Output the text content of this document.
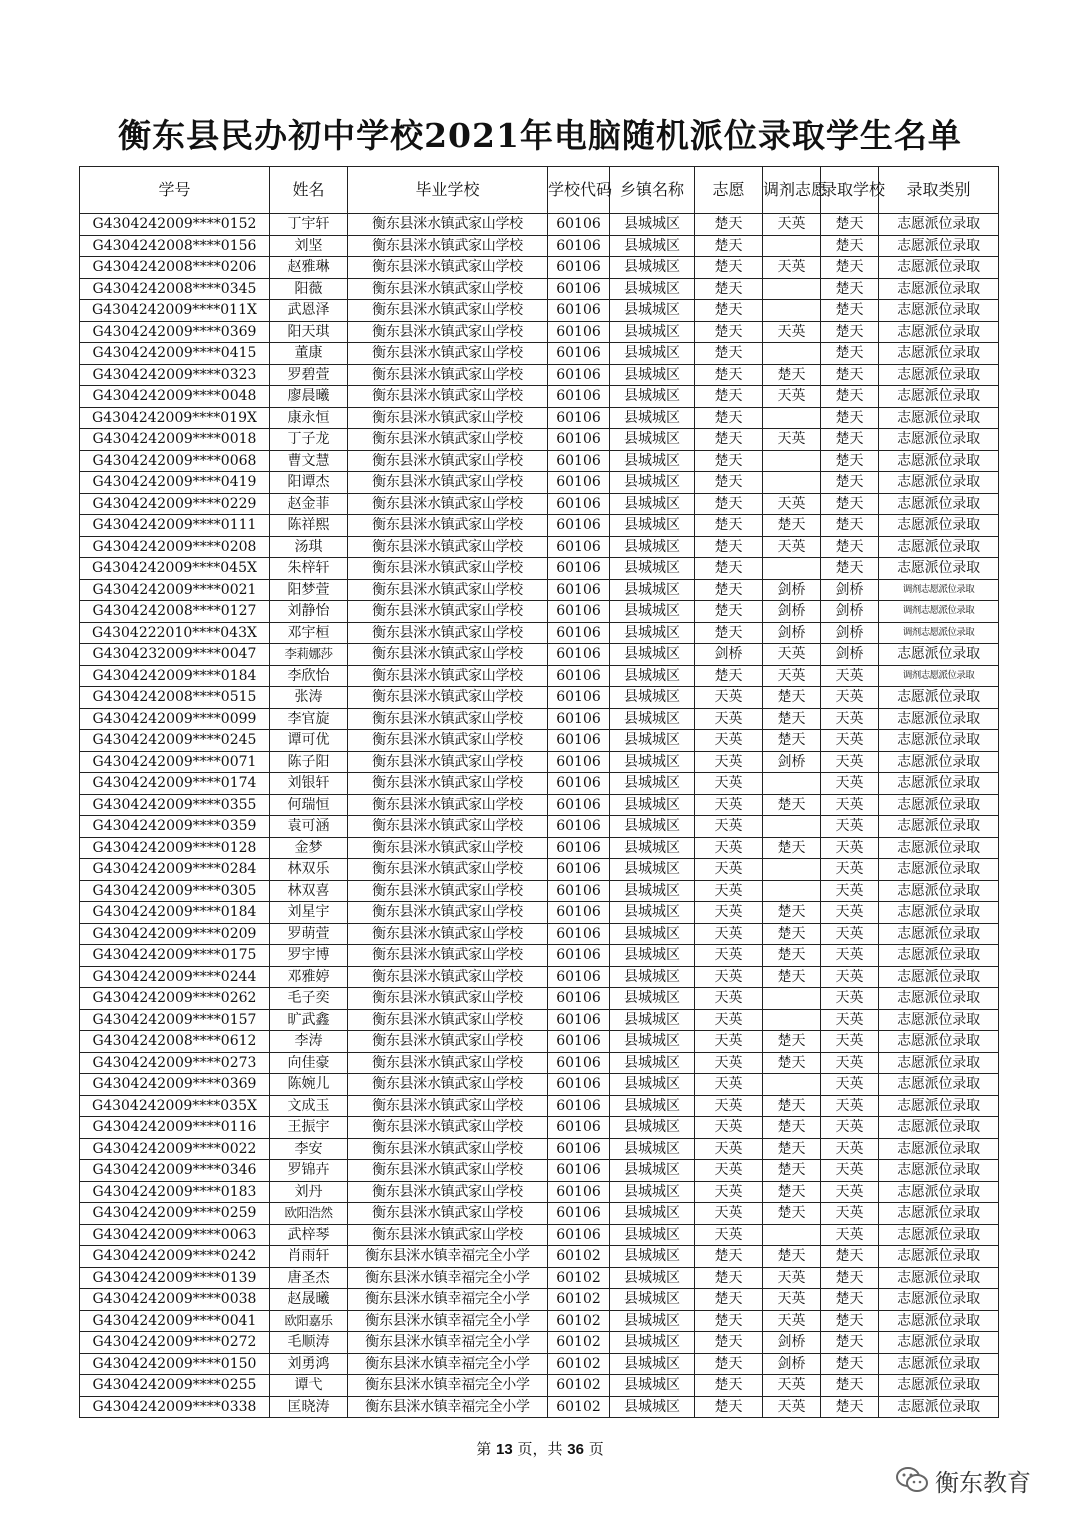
衡东县民办初中学校2021年电脑随机派位录取学生名单
学号	姓名	毕业学校	学校代码	乡镇名称	志愿	调剂志愿	录取学校	录取类别
G4304242009****0152	丁宇轩	衡东县洣水镇武家山学校	60106	县城城区	楚天	天英	楚天	志愿派位录取
G4304242008****0156	刘坚	衡东县洣水镇武家山学校	60106	县城城区	楚天		楚天	志愿派位录取
G4304242008****0206	赵雅琳	衡东县洣水镇武家山学校	60106	县城城区	楚天	天英	楚天	志愿派位录取
G4304242008****0345	阳薇	衡东县洣水镇武家山学校	60106	县城城区	楚天		楚天	志愿派位录取
G4304242009****011X	武恩泽	衡东县洣水镇武家山学校	60106	县城城区	楚天		楚天	志愿派位录取
G4304242009****0369	阳天琪	衡东县洣水镇武家山学校	60106	县城城区	楚天	天英	楚天	志愿派位录取
G4304242009****0415	董康	衡东县洣水镇武家山学校	60106	县城城区	楚天		楚天	志愿派位录取
G4304242009****0323	罗碧萱	衡东县洣水镇武家山学校	60106	县城城区	楚天	楚天	楚天	志愿派位录取
G4304242009****0048	廖晨曦	衡东县洣水镇武家山学校	60106	县城城区	楚天	天英	楚天	志愿派位录取
G4304242009****019X	康永恒	衡东县洣水镇武家山学校	60106	县城城区	楚天		楚天	志愿派位录取
G4304242009****0018	丁子龙	衡东县洣水镇武家山学校	60106	县城城区	楚天	天英	楚天	志愿派位录取
G4304242009****0068	曹文慧	衡东县洣水镇武家山学校	60106	县城城区	楚天		楚天	志愿派位录取
G4304242009****0419	阳谭杰	衡东县洣水镇武家山学校	60106	县城城区	楚天		楚天	志愿派位录取
G4304242009****0229	赵金菲	衡东县洣水镇武家山学校	60106	县城城区	楚天	天英	楚天	志愿派位录取
G4304242009****0111	陈祥熙	衡东县洣水镇武家山学校	60106	县城城区	楚天	楚天	楚天	志愿派位录取
G4304242009****0208	汤琪	衡东县洣水镇武家山学校	60106	县城城区	楚天	天英	楚天	志愿派位录取
G4304242009****045X	朱梓轩	衡东县洣水镇武家山学校	60106	县城城区	楚天		楚天	志愿派位录取
G4304242009****0021	阳梦萱	衡东县洣水镇武家山学校	60106	县城城区	楚天	剑桥	剑桥	调剂志愿派位录取
G4304242008****0127	刘静怡	衡东县洣水镇武家山学校	60106	县城城区	楚天	剑桥	剑桥	调剂志愿派位录取
G4304222010****043X	邓宇桓	衡东县洣水镇武家山学校	60106	县城城区	楚天	剑桥	剑桥	调剂志愿派位录取
G4304232009****0047	李莉娜莎	衡东县洣水镇武家山学校	60106	县城城区	剑桥	天英	剑桥	志愿派位录取
G4304242009****0184	李欣怡	衡东县洣水镇武家山学校	60106	县城城区	楚天	天英	天英	调剂志愿派位录取
G4304242008****0515	张涛	衡东县洣水镇武家山学校	60106	县城城区	天英	楚天	天英	志愿派位录取
G4304242009****0099	李官旋	衡东县洣水镇武家山学校	60106	县城城区	天英	楚天	天英	志愿派位录取
G4304242009****0245	谭可优	衡东县洣水镇武家山学校	60106	县城城区	天英	楚天	天英	志愿派位录取
G4304242009****0071	陈子阳	衡东县洣水镇武家山学校	60106	县城城区	天英	剑桥	天英	志愿派位录取
G4304242009****0174	刘银轩	衡东县洣水镇武家山学校	60106	县城城区	天英		天英	志愿派位录取
G4304242009****0355	何瑞恒	衡东县洣水镇武家山学校	60106	县城城区	天英	楚天	天英	志愿派位录取
G4304242009****0359	袁可涵	衡东县洣水镇武家山学校	60106	县城城区	天英		天英	志愿派位录取
G4304242009****0128	金梦	衡东县洣水镇武家山学校	60106	县城城区	天英	楚天	天英	志愿派位录取
G4304242009****0284	林双乐	衡东县洣水镇武家山学校	60106	县城城区	天英		天英	志愿派位录取
G4304242009****0305	林双喜	衡东县洣水镇武家山学校	60106	县城城区	天英		天英	志愿派位录取
G4304242009****0184	刘星宇	衡东县洣水镇武家山学校	60106	县城城区	天英	楚天	天英	志愿派位录取
G4304242009****0209	罗萌萱	衡东县洣水镇武家山学校	60106	县城城区	天英	楚天	天英	志愿派位录取
G4304242009****0175	罗宇博	衡东县洣水镇武家山学校	60106	县城城区	天英	楚天	天英	志愿派位录取
G4304242009****0244	邓雅婷	衡东县洣水镇武家山学校	60106	县城城区	天英	楚天	天英	志愿派位录取
G4304242009****0262	毛子奕	衡东县洣水镇武家山学校	60106	县城城区	天英		天英	志愿派位录取
G4304242009****0157	旷武鑫	衡东县洣水镇武家山学校	60106	县城城区	天英		天英	志愿派位录取
G4304242008****0612	李涛	衡东县洣水镇武家山学校	60106	县城城区	天英	楚天	天英	志愿派位录取
G4304242009****0273	向佳豪	衡东县洣水镇武家山学校	60106	县城城区	天英	楚天	天英	志愿派位录取
G4304242009****0369	陈婉儿	衡东县洣水镇武家山学校	60106	县城城区	天英		天英	志愿派位录取
G4304242009****035X	文成玉	衡东县洣水镇武家山学校	60106	县城城区	天英	楚天	天英	志愿派位录取
G4304242009****0116	王振宇	衡东县洣水镇武家山学校	60106	县城城区	天英	楚天	天英	志愿派位录取
G4304242009****0022	李安	衡东县洣水镇武家山学校	60106	县城城区	天英	楚天	天英	志愿派位录取
G4304242009****0346	罗锦卉	衡东县洣水镇武家山学校	60106	县城城区	天英	楚天	天英	志愿派位录取
G4304242009****0183	刘丹	衡东县洣水镇武家山学校	60106	县城城区	天英	楚天	天英	志愿派位录取
G4304242009****0259	欧阳浩然	衡东县洣水镇武家山学校	60106	县城城区	天英	楚天	天英	志愿派位录取
G4304242009****0063	武梓琴	衡东县洣水镇武家山学校	60106	县城城区	天英		天英	志愿派位录取
G4304242009****0242	肖雨轩	衡东县洣水镇幸福完全小学	60102	县城城区	楚天	楚天	楚天	志愿派位录取
G4304242009****0139	唐圣杰	衡东县洣水镇幸福完全小学	60102	县城城区	楚天	天英	楚天	志愿派位录取
G4304242009****0038	赵晟曦	衡东县洣水镇幸福完全小学	60102	县城城区	楚天	天英	楚天	志愿派位录取
G4304242009****0041	欧阳嘉乐	衡东县洣水镇幸福完全小学	60102	县城城区	楚天	天英	楚天	志愿派位录取
G4304242009****0272	毛顺涛	衡东县洣水镇幸福完全小学	60102	县城城区	楚天	剑桥	楚天	志愿派位录取
G4304242009****0150	刘勇鸿	衡东县洣水镇幸福完全小学	60102	县城城区	楚天	剑桥	楚天	志愿派位录取
G4304242009****0255	谭弋	衡东县洣水镇幸福完全小学	60102	县城城区	楚天	天英	楚天	志愿派位录取
G4304242009****0338	匡晓涛	衡东县洣水镇幸福完全小学	60102	县城城区	楚天	天英	楚天	志愿派位录取
第 13 页，共 36 页
衡东教育
